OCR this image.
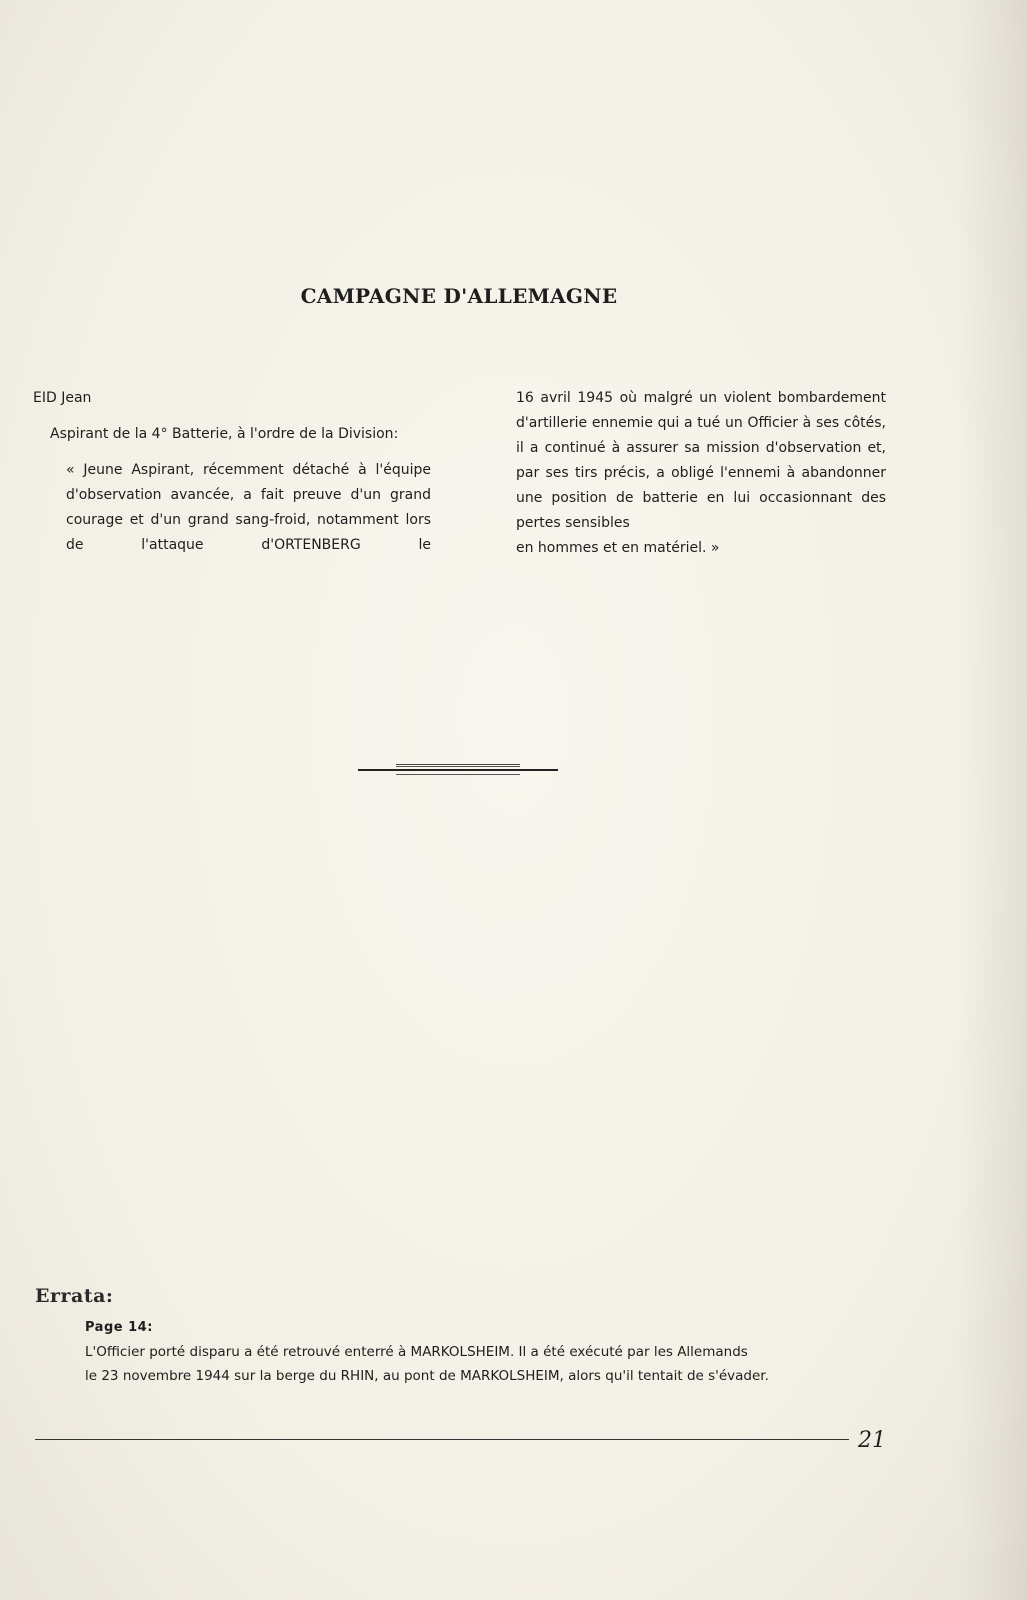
CAMPAGNE D'ALLEMAGNE

EID Jean

Aspirant de la 4° Batterie, à l'ordre de la Division:

« Jeune Aspirant, récemment détaché à l'équipe d'observation avancée, a fait preuve d'un grand courage et d'un grand sang-froid, notamment lors de l'attaque d'ORTENBERG le

16 avril 1945 où malgré un violent bombardement d'artillerie ennemie qui a tué un Officier à ses côtés, il a continué à assurer sa mission d'observation et, par ses tirs précis, a obligé l'ennemi à abandonner une position de batterie en lui occasionnant des pertes sensibles

en hommes et en matériel. »

Errata:

Page 14:

L'Officier porté disparu a été retrouvé enterré à MARKOLSHEIM. Il a été exécuté par les Allemands
le 23 novembre 1944 sur la berge du RHIN, au pont de MARKOLSHEIM, alors qu'il tentait de s'évader.

21
